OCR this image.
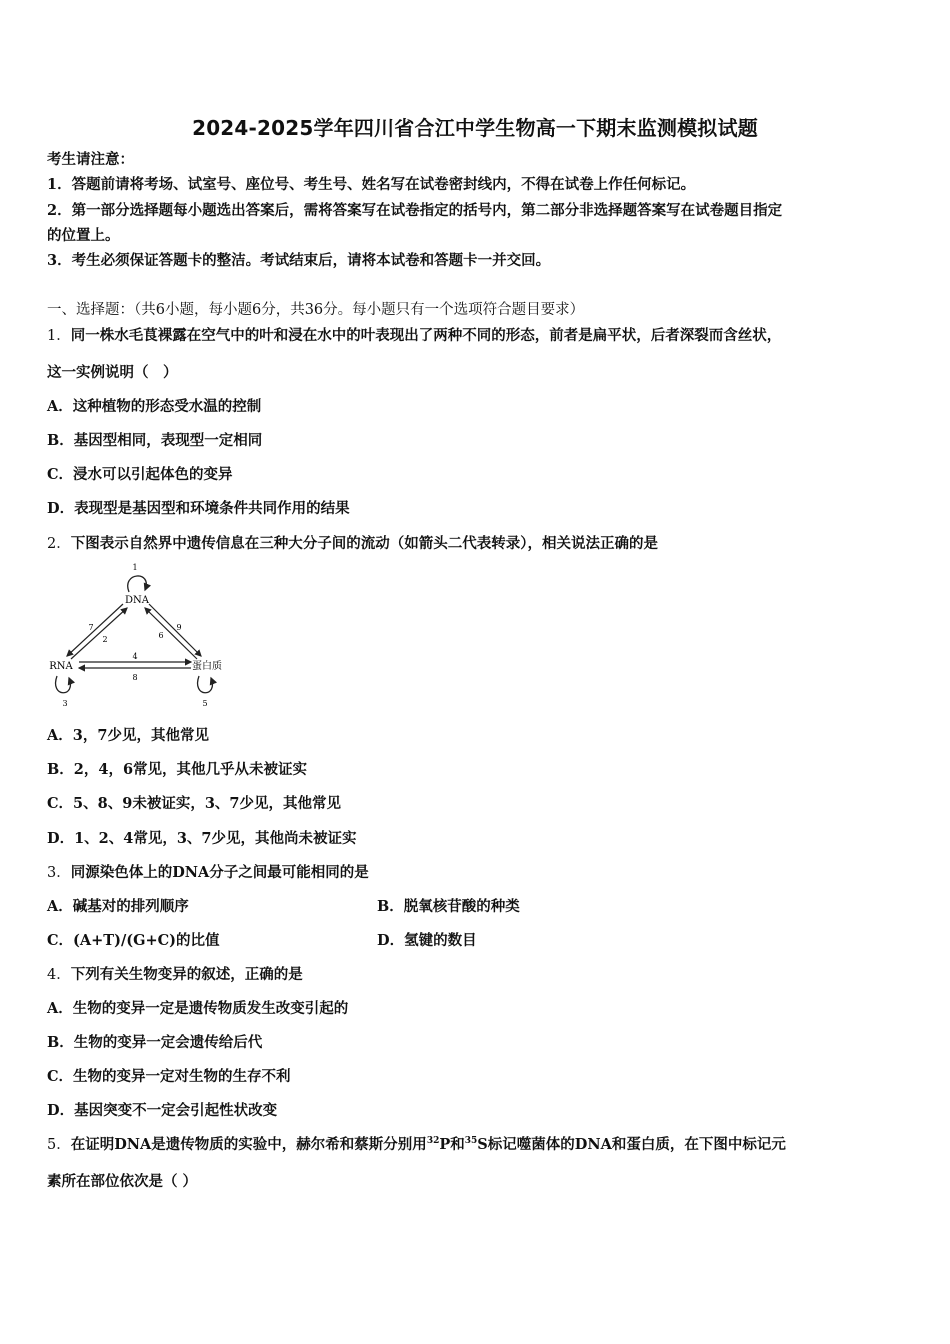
2024-2025学年四川省合江中学生物高一下期末监测模拟试题
考生请注意：
1．答题前请将考场、试室号、座位号、考生号、姓名写在试卷密封线内，不得在试卷上作任何标记。
2．第一部分选择题每小题选出答案后，需将答案写在试卷指定的括号内，第二部分非选择题答案写在试卷题目指定
的位置上。
3．考生必须保证答题卡的整洁。考试结束后，请将本试卷和答题卡一并交回。
一、选择题：（共6小题，每小题6分，共36分。每小题只有一个选项符合题目要求）
1．同一株水毛茛裸露在空气中的叶和浸在水中的叶表现出了两种不同的形态，前者是扁平状，后者深裂而含丝状，
这一实例说明（　）
A．这种植物的形态受水温的控制
B．基因型相同，表现型一定相同
C．浸水可以引起体色的变异
D．表现型是基因型和环境条件共同作用的结果
2．下图表示自然界中遗传信息在三种大分子间的流动（如箭头二代表转录），相关说法正确的是
DNA
RNA	蛋白质
1
2
3
4
5
6
7
8
9
A．3，7少见，其他常见
B．2，4，6常见，其他几乎从未被证实
C．5、8、9未被证实，3、7少见，其他常见
D．1、2、4常见，3、7少见，其他尚未被证实
3．同源染色体上的DNA分子之间最可能相同的是
A．碱基对的排列顺序	B．脱氧核苷酸的种类
C．(A+T)/(G+C)的比值	D．氢键的数目
4．下列有关生物变异的叙述，正确的是
A．生物的变异一定是遗传物质发生改变引起的
B．生物的变异一定会遗传给后代
C．生物的变异一定对生物的生存不利
D．基因突变不一定会引起性状改变
5．在证明DNA是遗传物质的实验中，赫尔希和蔡斯分别用$^{32}$P和$^{35}$S标记噬菌体的DNA和蛋白质，在下图中标记元
素所在部位依次是（ ）
